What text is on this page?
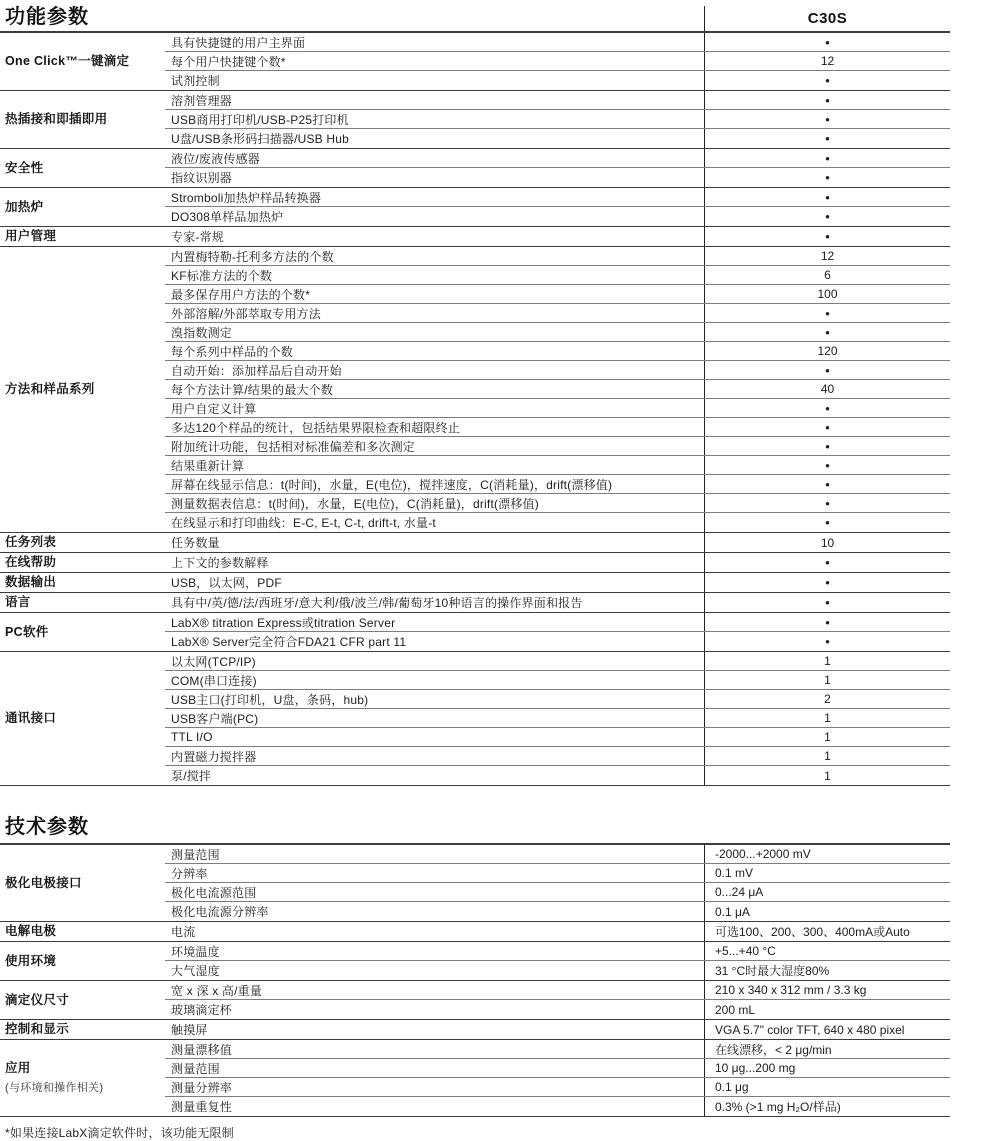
功能参数	C30S
One Click™一键滴定
具有快捷键的用户主界面	•
每个用户快捷键个数*	12
试剂控制	•
热插接和即插即用
溶剂管理器	•
USB商用打印机/USB-P25打印机	•
U盘/USB条形码扫描器/USB Hub	•
安全性
液位/废液传感器	•
指纹识别器	•
加热炉
Stromboli加热炉样品转换器	•
DO308单样品加热炉	•
用户管理	专家-常规	•
方法和样品系列
内置梅特勒-托利多方法的个数	12
KF标准方法的个数	6
最多保存用户方法的个数*	100
外部溶解/外部萃取专用方法	•
溴指数测定	•
每个系列中样品的个数	120
自动开始：添加样品后自动开始	•
每个方法计算/结果的最大个数	40
用户自定义计算	•
多达120个样品的统计，包括结果界限检查和超限终止	•
附加统计功能，包括相对标准偏差和多次测定	•
结果重新计算	•
屏幕在线显示信息：t(时间)，水量，E(电位)，搅拌速度，C(消耗量)，drift(漂移值)	•
测量数据表信息：t(时间)，水量，E(电位)，C(消耗量)，drift(漂移值)	•
在线显示和打印曲线：E-C, E-t, C-t, drift-t, 水量-t	•
任务列表	任务数量	10
在线帮助	上下文的参数解释	•
数据输出	USB，以太网，PDF	•
语言	具有中/英/德/法/西班牙/意大利/俄/波兰/韩/葡萄牙10种语言的操作界面和报告	•
PC软件
LabX® titration Express或titration Server	•
LabX® Server完全符合FDA21 CFR part 11	•
通讯接口
以太网(TCP/IP)	1
COM(串口连接)	1
USB主口(打印机，U盘，条码，hub)	2
USB客户端(PC)	1
TTL I/O	1
内置磁力搅拌器	1
泵/搅拌	1
技术参数
极化电极接口
测量范围	-2000...+2000 mV
分辨率	0.1 mV
极化电流源范围	0...24 μA
极化电流源分辨率	0.1 μA
电解电极	电流	可选100、200、300、400mA或Auto
使用环境
环境温度	+5...+40 °C
大气湿度	31 °C时最大湿度80%
滴定仪尺寸
宽 x 深 x 高/重量	210 x 340 x 312 mm / 3.3 kg
玻璃滴定杯	200 mL
控制和显示	触摸屏	VGA 5.7" color TFT, 640 x 480 pixel
应用
(与环境和操作相关)
测量漂移值	在线漂移，< 2 μg/min
测量范围	10 μg...200 mg
测量分辨率	0.1 μg
测量重复性	0.3% (>1 mg H₂O/样品)
*如果连接LabX滴定软件时，该功能无限制
